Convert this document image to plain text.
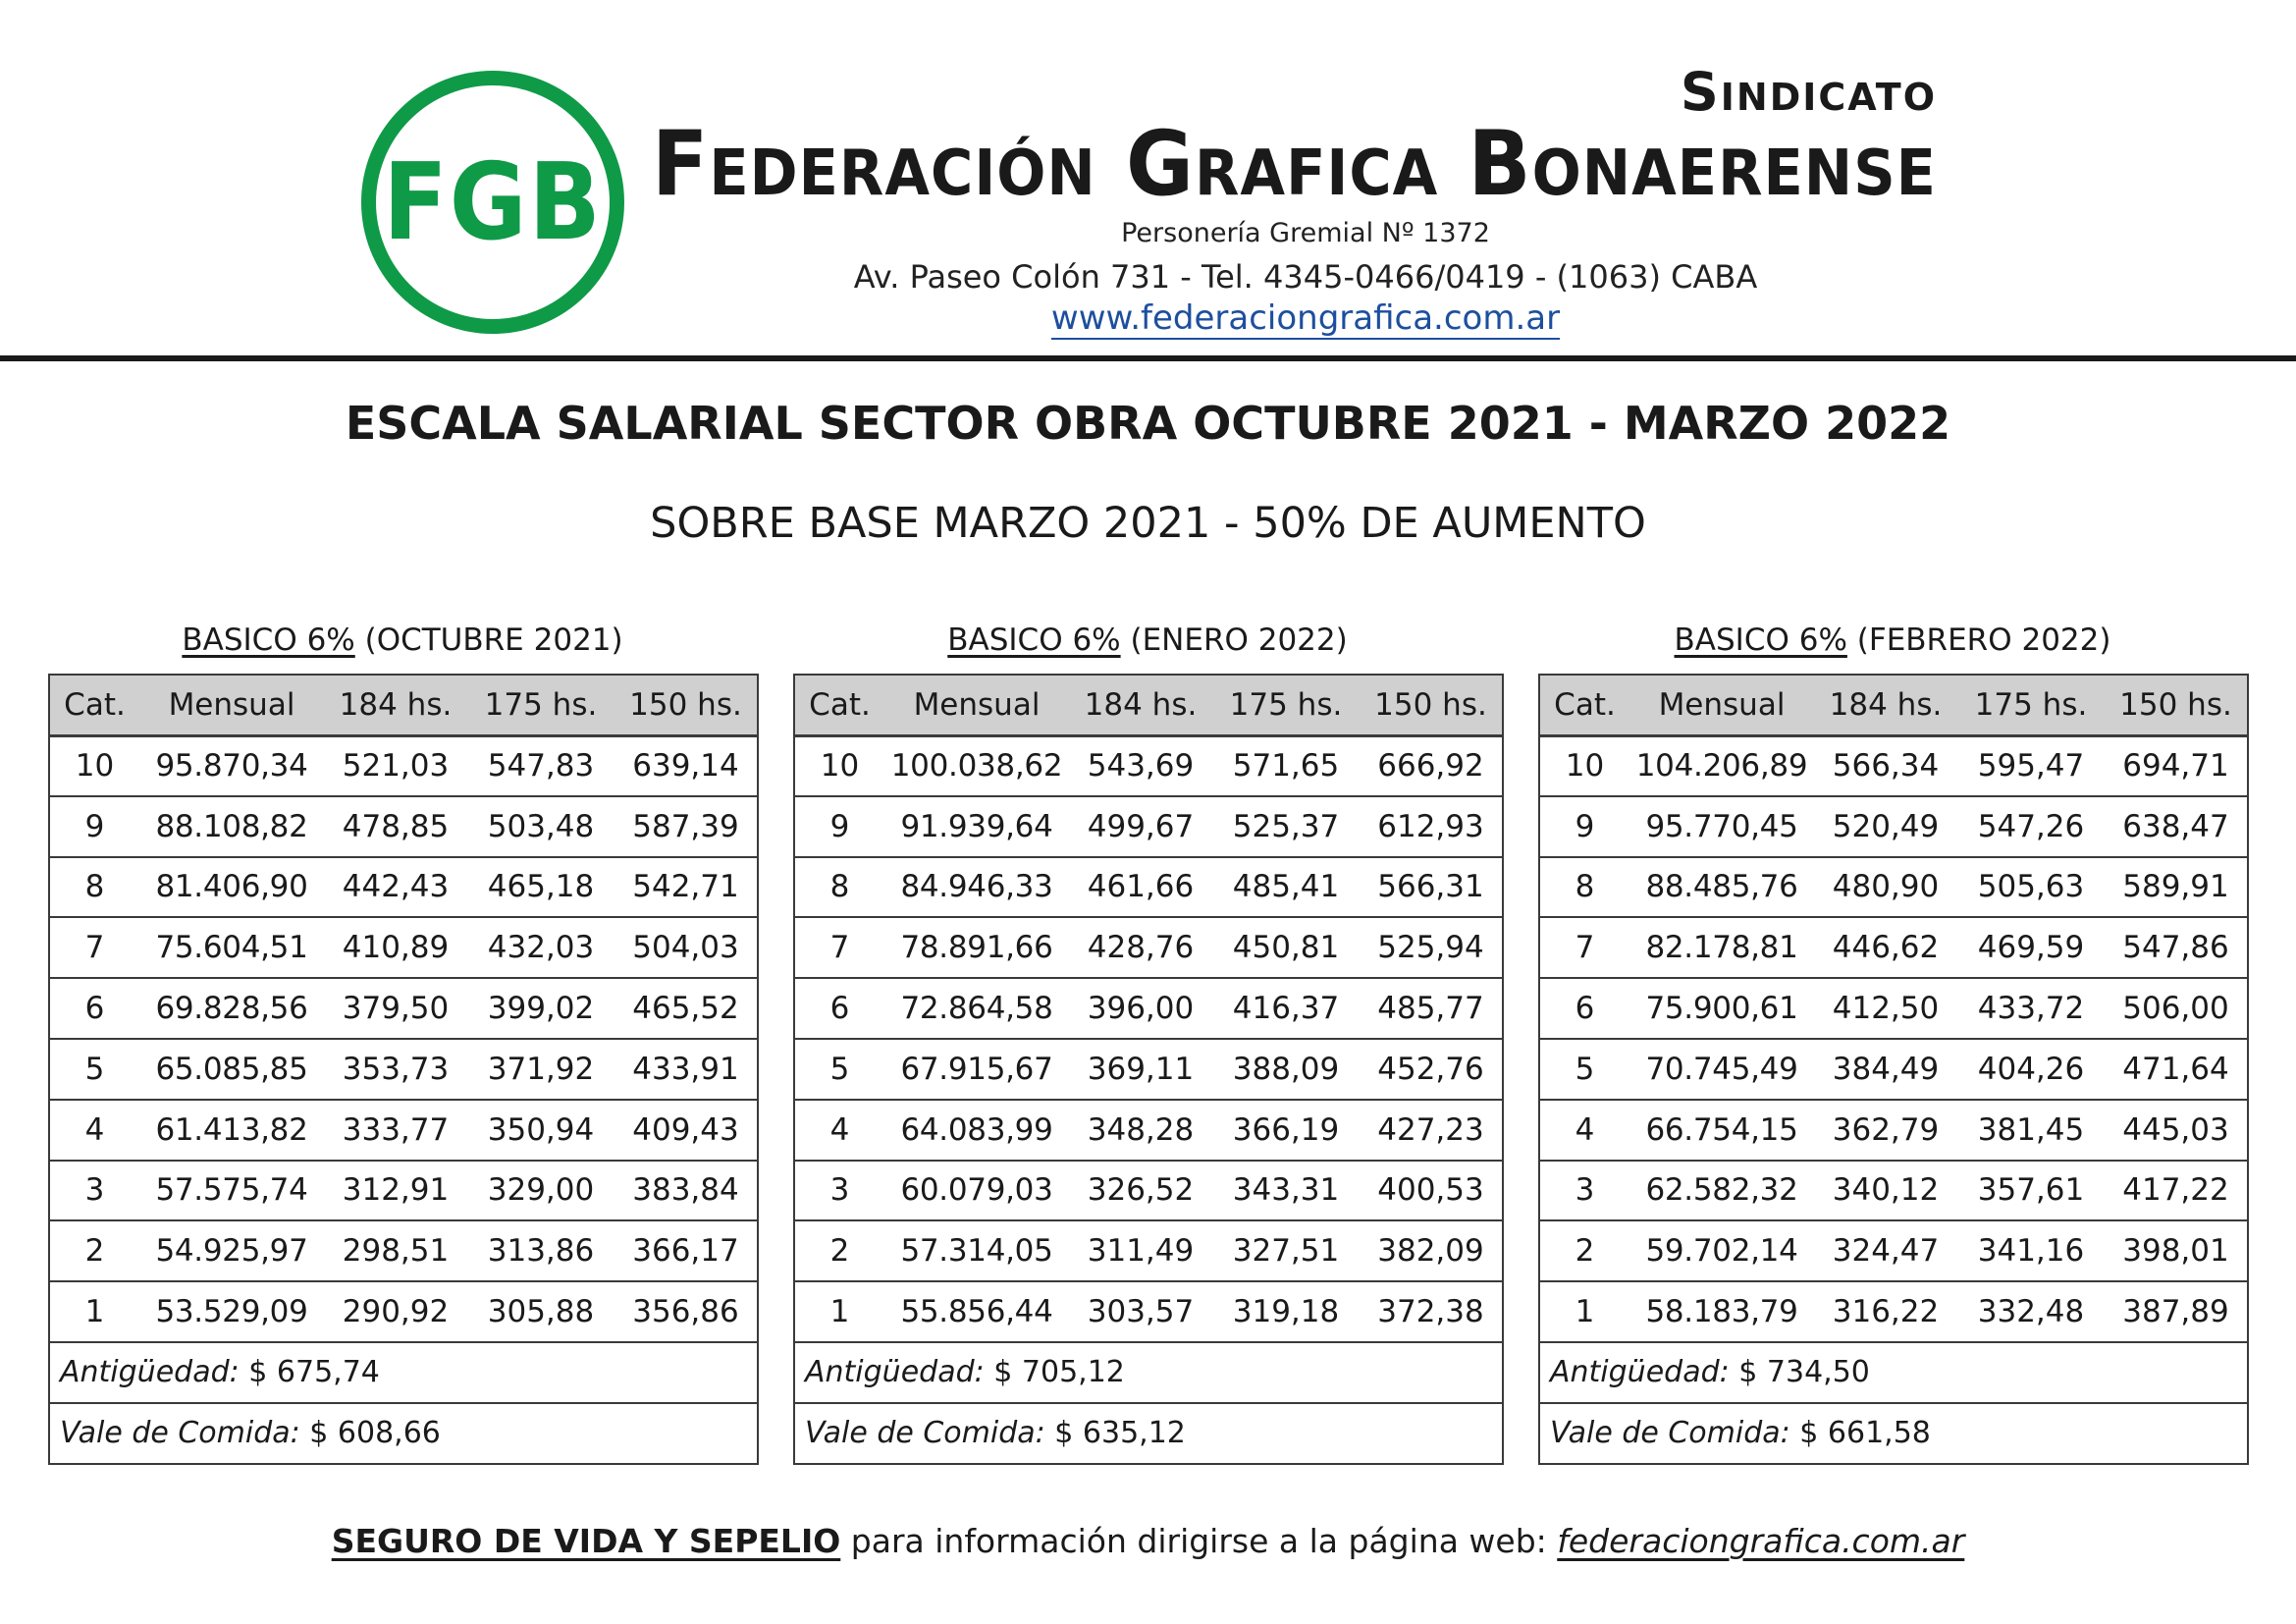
FGB
Sindicato
Federación Grafica Bonaerense
Personería Gremial Nº 1372
Av. Paseo Colón 731 - Tel. 4345-0466/0419 - (1063) CABA
www.federaciongrafica.com.ar
ESCALA SALARIAL SECTOR OBRA OCTUBRE 2021 - MARZO 2022
SOBRE BASE MARZO 2021 - 50% DE AUMENTO
BASICO 6% (OCTUBRE 2021)
Cat.	Mensual	184 hs.	175 hs.	150 hs.
10	95.870,34	521,03	547,83	639,14
9	88.108,82	478,85	503,48	587,39
8	81.406,90	442,43	465,18	542,71
7	75.604,51	410,89	432,03	504,03
6	69.828,56	379,50	399,02	465,52
5	65.085,85	353,73	371,92	433,91
4	61.413,82	333,77	350,94	409,43
3	57.575,74	312,91	329,00	383,84
2	54.925,97	298,51	313,86	366,17
1	53.529,09	290,92	305,88	356,86
Antigüedad: $ 675,74				
Vale de Comida: $ 608,66				
BASICO 6% (ENERO 2022)
Cat.	Mensual	184 hs.	175 hs.	150 hs.
10	100.038,62	543,69	571,65	666,92
9	91.939,64	499,67	525,37	612,93
8	84.946,33	461,66	485,41	566,31
7	78.891,66	428,76	450,81	525,94
6	72.864,58	396,00	416,37	485,77
5	67.915,67	369,11	388,09	452,76
4	64.083,99	348,28	366,19	427,23
3	60.079,03	326,52	343,31	400,53
2	57.314,05	311,49	327,51	382,09
1	55.856,44	303,57	319,18	372,38
Antigüedad: $ 705,12				
Vale de Comida: $ 635,12				
BASICO 6% (FEBRERO 2022)
Cat.	Mensual	184 hs.	175 hs.	150 hs.
10	104.206,89	566,34	595,47	694,71
9	95.770,45	520,49	547,26	638,47
8	88.485,76	480,90	505,63	589,91
7	82.178,81	446,62	469,59	547,86
6	75.900,61	412,50	433,72	506,00
5	70.745,49	384,49	404,26	471,64
4	66.754,15	362,79	381,45	445,03
3	62.582,32	340,12	357,61	417,22
2	59.702,14	324,47	341,16	398,01
1	58.183,79	316,22	332,48	387,89
Antigüedad: $ 734,50				
Vale de Comida: $ 661,58				
SEGURO DE VIDA Y SEPELIO para información dirigirse a la página web: federaciongrafica.com.ar
